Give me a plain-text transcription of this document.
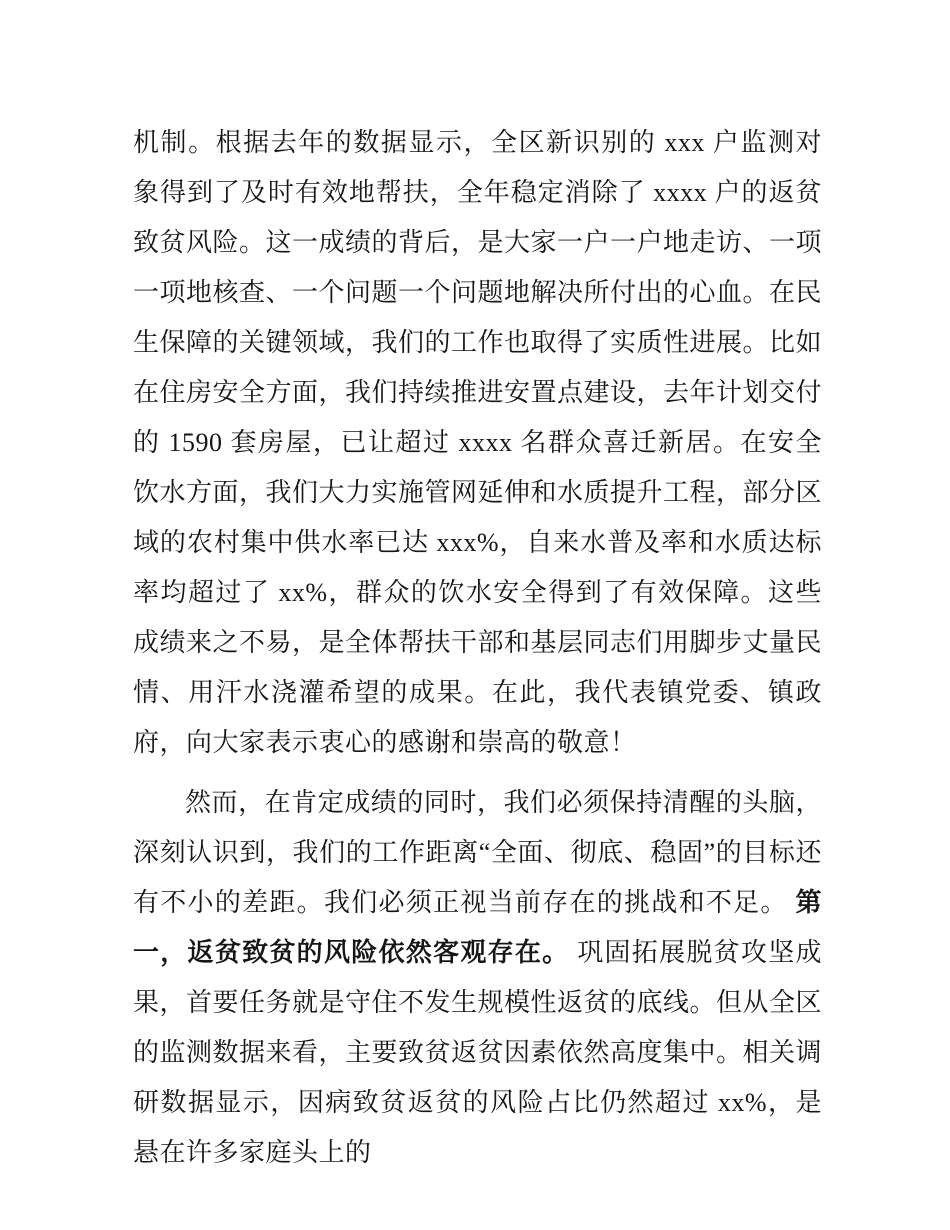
机制。根据去年的数据显示，全区新识别的 xxx 户监测对象得到了及时有效地帮扶，全年稳定消除了 xxxx 户的返贫致贫风险。这一成绩的背后，是大家一户一户地走访、一项一项地核查、一个问题一个问题地解决所付出的心血。在民生保障的关键领域，我们的工作也取得了实质性进展。比如在住房安全方面，我们持续推进安置点建设，去年计划交付的 1590 套房屋，已让超过 xxxx 名群众喜迁新居。在安全饮水方面，我们大力实施管网延伸和水质提升工程，部分区域的农村集中供水率已达 xxx%，自来水普及率和水质达标率均超过了 xx%，群众的饮水安全得到了有效保障。这些成绩来之不易，是全体帮扶干部和基层同志们用脚步丈量民情、用汗水浇灌希望的成果。在此，我代表镇党委、镇政府，向大家表示衷心的感谢和崇高的敬意！

然而，在肯定成绩的同时，我们必须保持清醒的头脑，深刻认识到，我们的工作距离“全面、彻底、稳固”的目标还有不小的差距。我们必须正视当前存在的挑战和不足。 第一，返贫致贫的风险依然客观存在。 巩固拓展脱贫攻坚成果，首要任务就是守住不发生规模性返贫的底线。但从全区的监测数据来看，主要致贫返贫因素依然高度集中。相关调研数据显示，因病致贫返贫的风险占比仍然超过 xx%，是悬在许多家庭头上的
